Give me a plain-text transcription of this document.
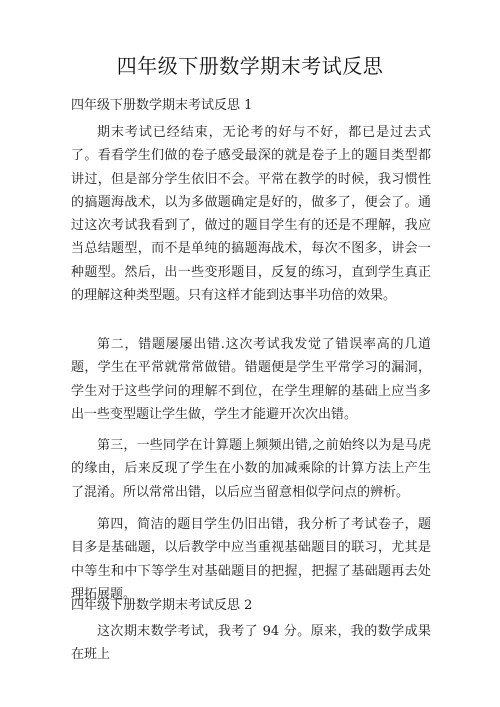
四年级下册数学期末考试反思
四年级下册数学期末考试反思 1

期末考试已经结束，无论考的好与不好，都已是过去式了。看看学生们做的卷子感受最深的就是卷子上的题目类型都讲过，但是部分学生依旧不会。平常在教学的时候，我习惯性的搞题海战术，以为多做题确定是好的，做多了，便会了。通过这次考试我看到了，做过的题目学生有的还是不理解，我应当总结题型，而不是单纯的搞题海战术，每次不图多，讲会一种题型。然后，出一些变形题目，反复的练习，直到学生真正的理解这种类型题。只有这样才能到达事半功倍的效果。

第二，错题屡屡出错.这次考试我发觉了错误率高的几道题，学生在平常就常常做错。错题便是学生平常学习的漏洞，学生对于这些学问的理解不到位，在学生理解的基础上应当多出一些变型题让学生做，学生才能避开次次出错。

第三，一些同学在计算题上频频出错,之前始终以为是马虎的缘由，后来反现了学生在小数的加减乘除的计算方法上产生了混淆。所以常常出错，以后应当留意相似学问点的辨析。

第四，简洁的题目学生仍旧出错，我分析了考试卷子，题目多是基础题，以后教学中应当重视基础题目的联习，尤其是中等生和中下等学生对基础题目的把握，把握了基础题再去处理拓展题。

四年级下册数学期末考试反思 2

这次期末数学考试，我考了 94 分。原来，我的数学成果在班上
